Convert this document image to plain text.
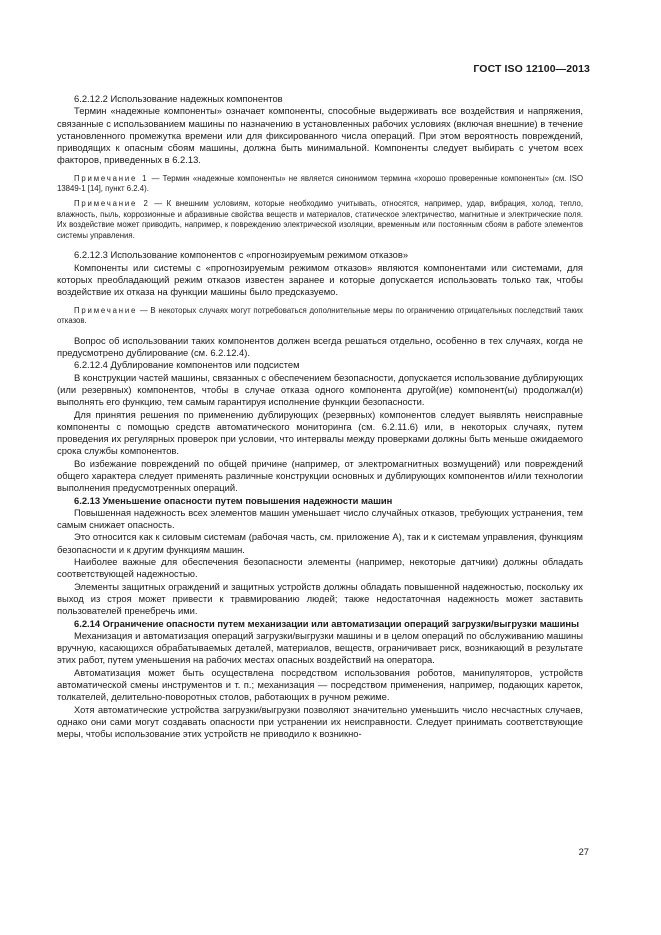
ГОСТ ISO 12100—2013

6.2.12.2 Использование надежных компонентов

Термин «надежные компоненты» означает компоненты, способные выдерживать все воздействия и напряжения, связанные с использованием машины по назначению в установленных рабочих условиях (включая внешние) в течение установленного промежутка времени или для фиксированного числа операций. При этом вероятность повреждений, приводящих к опасным сбоям машины, должна быть минимальной. Компоненты следует выбирать с учетом всех факторов, приведенных в 6.2.13.

Примечание 1 — Термин «надежные компоненты» не является синонимом термина «хорошо проверенные компоненты» (см. ISO 13849-1 [14], пункт 6.2.4).

Примечание 2 — К внешним условиям, которые необходимо учитывать, относятся, например, удар, вибрация, холод, тепло, влажность, пыль, коррозионные и абразивные свойства веществ и материалов, статическое электричество, магнитные и электрические поля. Их воздействие может приводить, например, к повреждению электрической изоляции, временным или постоянным сбоям в работе элементов системы управления.

6.2.12.3 Использование компонентов с «прогнозируемым режимом отказов»

Компоненты или системы с «прогнозируемым режимом отказов» являются компонентами или системами, для которых преобладающий режим отказов известен заранее и которые допускается использовать только так, чтобы воздействие их отказа на функции машины было предсказуемо.

Примечание — В некоторых случаях могут потребоваться дополнительные меры по ограничению отрицательных последствий таких отказов.

Вопрос об использовании таких компонентов должен всегда решаться отдельно, особенно в тех случаях, когда не предусмотрено дублирование (см. 6.2.12.4).

6.2.12.4 Дублирование компонентов или подсистем

В конструкции частей машины, связанных с обеспечением безопасности, допускается использование дублирующих (или резервных) компонентов, чтобы в случае отказа одного компонента другой(ие) компонент(ы) продолжал(и) выполнять его функцию, тем самым гарантируя исполнение функции безопасности.

Для принятия решения по применению дублирующих (резервных) компонентов следует выявлять неисправные компоненты с помощью средств автоматического мониторинга (см. 6.2.11.6) или, в некоторых случаях, путем проведения их регулярных проверок при условии, что интервалы между проверками должны быть меньше ожидаемого срока службы компонентов.

Во избежание повреждений по общей причине (например, от электромагнитных возмущений) или повреждений общего характера следует применять различные конструкции основных и дублирующих компонентов и/или технологии выполнения предусмотренных операций.

6.2.13 Уменьшение опасности путем повышения надежности машин

Повышенная надежность всех элементов машин уменьшает число случайных отказов, требующих устранения, тем самым снижает опасность.

Это относится как к силовым системам (рабочая часть, см. приложение А), так и к системам управления, функциям безопасности и к другим функциям машин.

Наиболее важные для обеспечения безопасности элементы (например, некоторые датчики) должны обладать соответствующей надежностью.

Элементы защитных ограждений и защитных устройств должны обладать повышенной надежностью, поскольку их выход из строя может привести к травмированию людей; также недостаточная надежность может заставить пользователей пренебречь ими.

6.2.14 Ограничение опасности путем механизации или автоматизации операций загрузки/выгрузки машины

Механизация и автоматизация операций загрузки/выгрузки машины и в целом операций по обслуживанию машины вручную, касающихся обрабатываемых деталей, материалов, веществ, ограничивает риск, возникающий в результате этих работ, путем уменьшения на рабочих местах опасных воздействий на оператора.

Автоматизация может быть осуществлена посредством использования роботов, манипуляторов, устройств автоматической смены инструментов и т. п.; механизация — посредством применения, например, подающих кареток, толкателей, делительно-поворотных столов, работающих в ручном режиме.

Хотя автоматические устройства загрузки/выгрузки позволяют значительно уменьшить число несчастных случаев, однако они сами могут создавать опасности при устранении их неисправности. Следует принимать соответствующие меры, чтобы использование этих устройств не приводило к возникно-

27
